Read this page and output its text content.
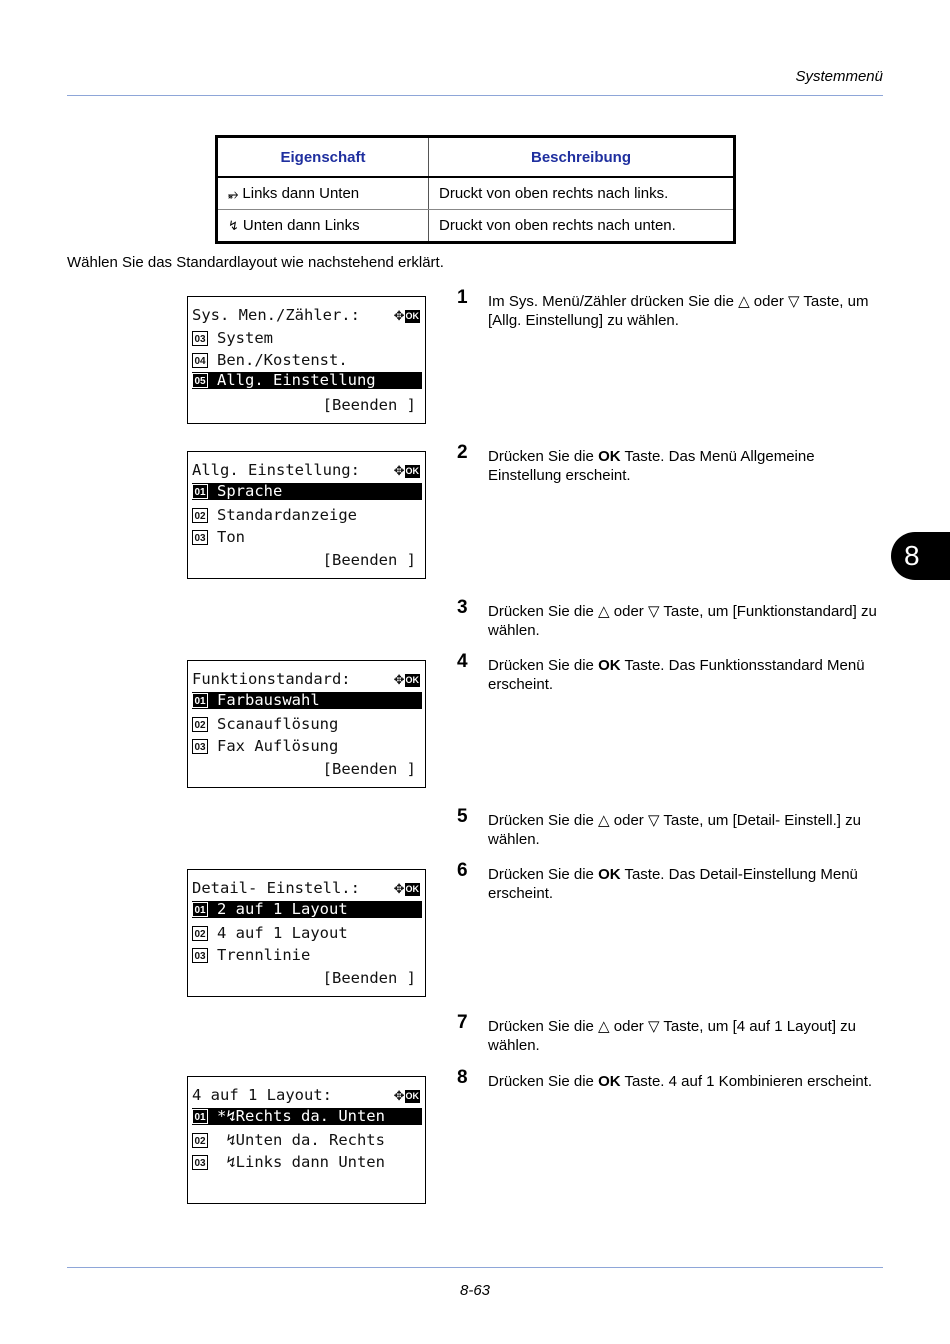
Systemmenü
Eigenschaft	Beschreibung
⥵ Links dann Unten	Druckt von oben rechts nach links.
↯ Unten dann Links	Druckt von oben rechts nach unten.
Wählen Sie das Standardlayout wie nachstehend erklärt.
Sys. Men./Zähler.:	✥OK
03 System
04 Ben./Kostenst.
05 Allg. Einstellung
[Beenden ]
Allg. Einstellung:	✥OK
01 Sprache
02 Standardanzeige
03 Ton
[Beenden ]
Funktionstandard:	✥OK
01 Farbauswahl
02 Scanauflösung
03 Fax Auflösung
[Beenden ]
Detail- Einstell.:	✥OK
01 2 auf 1 Layout
02 4 auf 1 Layout
03 Trennlinie
[Beenden ]
4 auf 1 Layout:	✥OK
01 *↯Rechts da. Unten
02 ↯Unten da. Rechts
03 ↯Links dann Unten
1 Im Sys. Menü/Zähler drücken Sie die △ oder ▽ Taste, um [Allg. Einstellung] zu wählen.
2 Drücken Sie die OK Taste. Das Menü Allgemeine Einstellung erscheint.
3 Drücken Sie die △ oder ▽ Taste, um [Funktionstandard] zu wählen.
4 Drücken Sie die OK Taste. Das Funktionsstandard Menü erscheint.
5 Drücken Sie die △ oder ▽ Taste, um [Detail- Einstell.] zu wählen.
6 Drücken Sie die OK Taste. Das Detail-Einstellung Menü erscheint.
7 Drücken Sie die △ oder ▽ Taste, um [4 auf 1 Layout] zu wählen.
8 Drücken Sie die OK Taste. 4 auf 1 Kombinieren erscheint.
8
8-63
